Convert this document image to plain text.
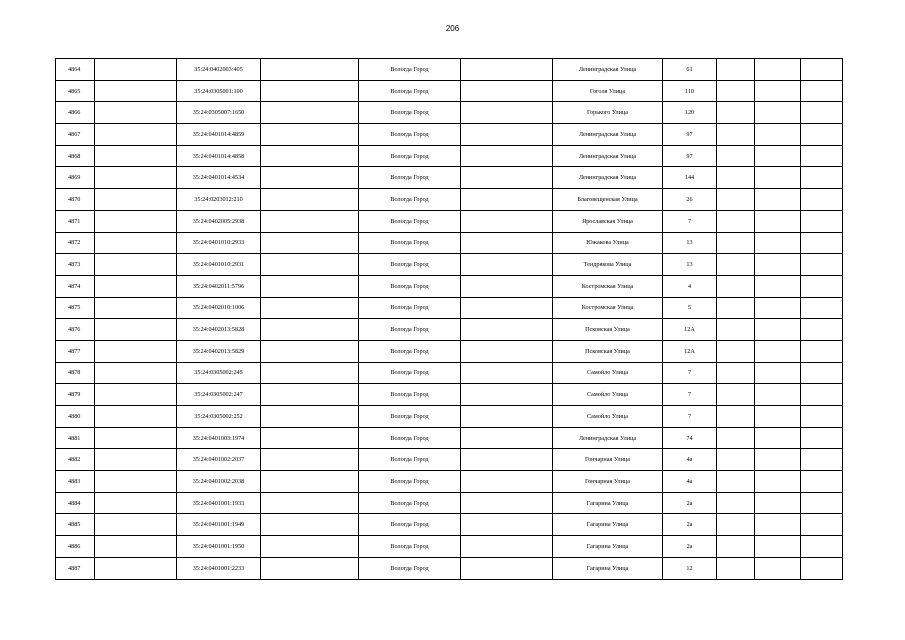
206
4864		35:24:0402003:405		Вологда Город		Ленинградская Улица	61			
4865		35:24:0305001:100		Вологда Город		Гоголя Улица	110			
4866		35:24:0305007:1650		Вологда Город		Горького Улица	120			
4867		35:24:0401014:4859		Вологда Город		Ленинградская Улица	97			
4868		35:24:0401014:4858		Вологда Город		Ленинградская Улица	97			
4869		35:24:0401014:4534		Вологда Город		Ленинградская Улица	144			
4870		35:24:0203012:210		Вологда Город		Благовещенская Улица	26			
4871		35:24:0402005:2938		Вологда Город		Ярославская Улица	7			
4872		35:24:0401010:2933		Вологда Город		Южакова Улица	13			
4873		35:24:0401010:2931		Вологда Город		Тендрякова Улица	13			
4874		35:24:0402011:5796		Вологда Город		Костромская Улица	4			
4875		35:24:0402010:1006		Вологда Город		Костромская Улица	5			
4876		35:24:0402013:5828		Вологда Город		Псковская Улица	12А			
4877		35:24:0402013:5829		Вологда Город		Псковская Улица	12А			
4878		35:24:0305002:245		Вологда Город		Самойло Улица	7			
4879		35:24:0305002:247		Вологда Город		Самойло Улица	7			
4880		35:24:0305002:252		Вологда Город		Самойло Улица	7			
4881		35:24:0401003:1974		Вологда Город		Ленинградская Улица	74			
4882		35:24:0401002:2037		Вологда Город		Гончарная Улица	4а			
4883		35:24:0401002:2038		Вологда Город		Гончарная Улица	4а			
4884		35:24:0401001:1933		Вологда Город		Гагарина Улица	2а			
4885		35:24:0401001:1949		Вологда Город		Гагарина Улица	2а			
4886		35:24:0401001:1950		Вологда Город		Гагарина Улица	2а			
4887		35:24:0401001:2233		Вологда Город		Гагарина Улица	12			
